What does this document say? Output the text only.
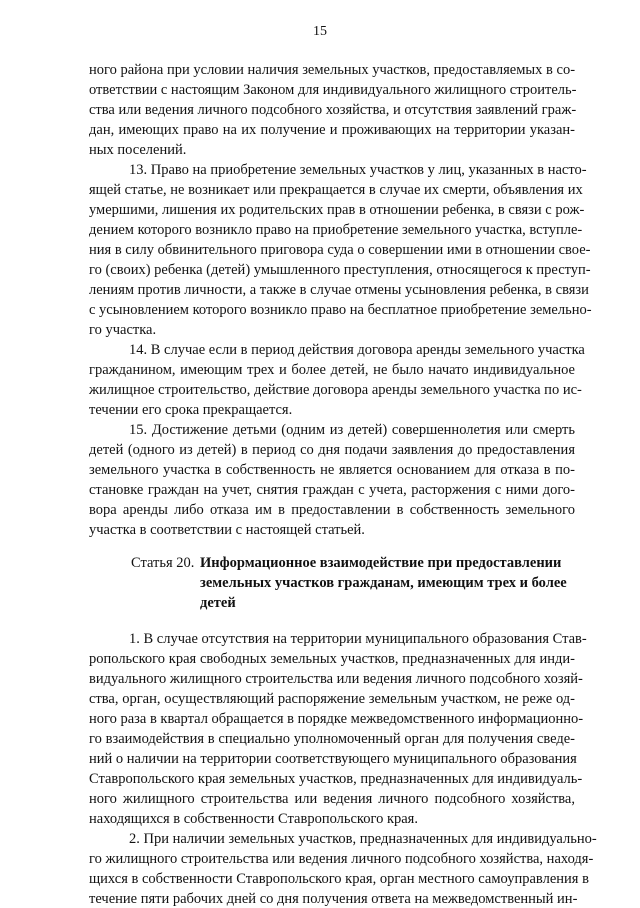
15
ного района при условии наличия земельных участков, предоставляемых в со-
ответствии с настоящим Законом для индивидуального жилищного строитель-
ства или ведения личного подсобного хозяйства, и отсутствия заявлений граж-
дан, имеющих право на их получение и проживающих на территории указан-
ных поселений.
13. Право на приобретение земельных участков у лиц, указанных в насто-
ящей статье, не возникает или прекращается в случае их смерти, объявления их
умершими, лишения их родительских прав в отношении ребенка, в связи с рож-
дением которого возникло право на приобретение земельного участка, вступле-
ния в силу обвинительного приговора суда о совершении ими в отношении свое-
го (своих) ребенка (детей) умышленного преступления, относящегося к преступ-
лениям против личности, а также в случае отмены усыновления ребенка, в связи
с усыновлением которого возникло право на бесплатное приобретение земельно-
го участка.
14. В случае если в период действия договора аренды земельного участка
гражданином, имеющим трех и более детей, не было начато индивидуальное
жилищное строительство, действие договора аренды земельного участка по ис-
течении его срока прекращается.
15. Достижение детьми (одним из детей) совершеннолетия или смерть
детей (одного из детей) в период со дня подачи заявления до предоставления
земельного участка в собственность не является основанием для отказа в по-
становке граждан на учет, снятия граждан с учета, расторжения с ними дого-
вора аренды либо отказа им в предоставлении в собственность земельного
участка в соответствии с настоящей статьей.
Статья 20. Информационное взаимодействие при предоставлении
земельных участков гражданам, имеющим трех и более
детей
1. В случае отсутствия на территории муниципального образования Став-
ропольского края свободных земельных участков, предназначенных для инди-
видуального жилищного строительства или ведения личного подсобного хозяй-
ства, орган, осуществляющий распоряжение земельным участком, не реже од-
ного раза в квартал обращается в порядке межведомственного информационно-
го взаимодействия в специально уполномоченный орган для получения сведе-
ний о наличии на территории соответствующего муниципального образования
Ставропольского края земельных участков, предназначенных для индивидуаль-
ного жилищного строительства или ведения личного подсобного хозяйства,
находящихся в собственности Ставропольского края.
2. При наличии земельных участков, предназначенных для индивидуально-
го жилищного строительства или ведения личного подсобного хозяйства, находя-
щихся в собственности Ставропольского края, орган местного самоуправления в
течение пяти рабочих дней со дня получения ответа на межведомственный ин-
